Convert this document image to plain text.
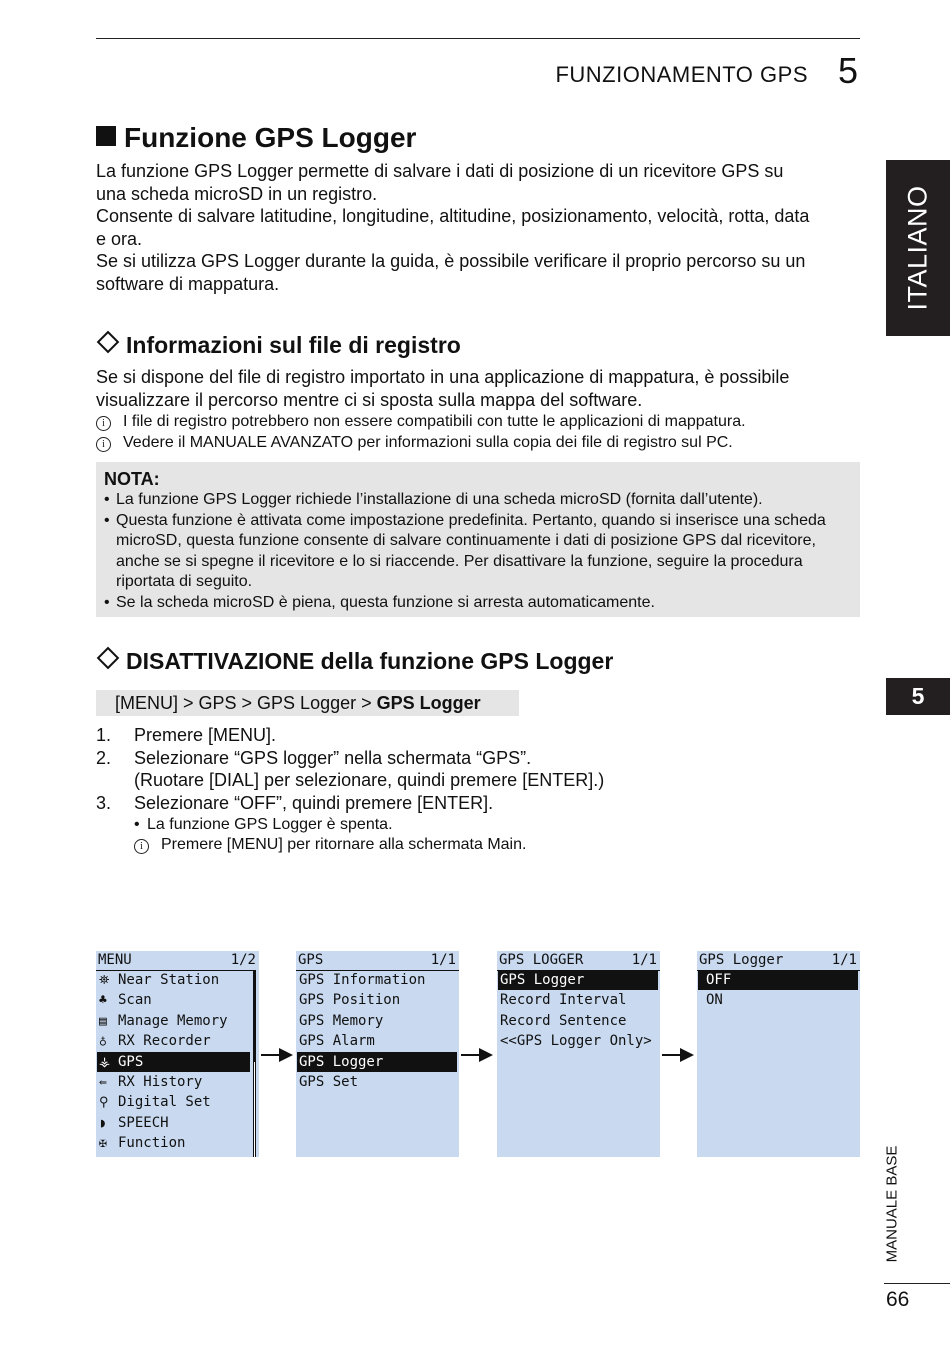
FUNZIONAMENTO GPS 5
ITALIANO
5
MANUALE BASE
66
Funzione GPS Logger
La funzione GPS Logger permette di salvare i dati di posizione di un ricevitore GPS su
una scheda microSD in un registro.
Consente di salvare latitudine, longitudine, altitudine, posizionamento, velocità, rotta, data
e ora.
Se si utilizza GPS Logger durante la guida, è possibile verificare il proprio percorso su un
software di mappatura.
Informazioni sul file di registro
Se si dispone del file di registro importato in una applicazione di mappatura, è possibile
visualizzare il percorso mentre ci si sposta sulla mappa del software.
i I file di registro potrebbero non essere compatibili con tutte le applicazioni di mappatura.
i Vedere il MANUALE AVANZATO per informazioni sulla copia dei file di registro sul PC.
NOTA:
• La funzione GPS Logger richiede l’installazione di una scheda microSD (fornita dall’utente).
• Questa funzione è attivata come impostazione predefinita. Pertanto, quando si inserisce una scheda microSD, questa funzione consente di salvare continuamente i dati di posizione GPS dal ricevitore, anche se si spegne il ricevitore e lo si riaccende. Per disattivare la funzione, seguire la procedura riportata di seguito.
• Se la scheda microSD è piena, questa funzione si arresta automaticamente.
DISATTIVAZIONE della funzione GPS Logger
[MENU] > GPS > GPS Logger > GPS Logger
1. Premere [MENU].
2. Selezionare “GPS logger” nella schermata “GPS”.
(Ruotare [DIAL] per selezionare, quindi premere [ENTER].)
3. Selezionare “OFF”, quindi premere [ENTER].
• La funzione GPS Logger è spenta.
i Premere [MENU] per ritornare alla schermata Main.
MENU	1/2
⛯ Near Station
♣ Scan
▤ Manage Memory
♁ RX Recorder
⚶ GPS
⇚ RX History
⚲ Digital Set
◗ SPEECH
✠ Function
GPS	1/1
GPS Information
GPS Position
GPS Memory
GPS Alarm
GPS Logger
GPS Set
GPS LOGGER	1/1
GPS Logger
Record Interval
Record Sentence
<<GPS Logger Only>
GPS Logger	1/1
OFF
ON
